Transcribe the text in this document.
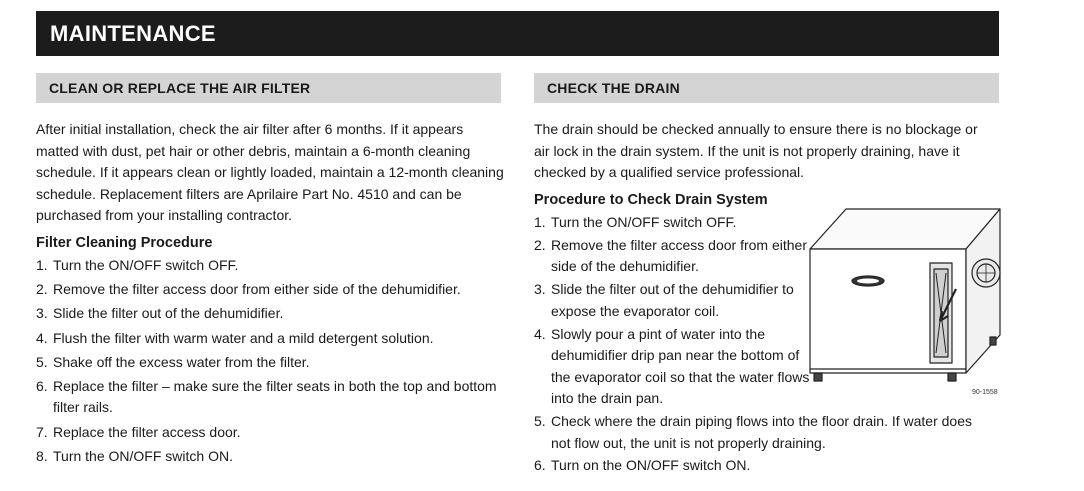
MAINTENANCE
CLEAN OR REPLACE THE AIR FILTER	CHECK THE DRAIN

After initial installation, check the air filter after 6 months. If it appears matted with dust, pet hair or other debris, maintain a 6-month cleaning schedule. If it appears clean or lightly loaded, maintain a 12-month cleaning schedule. Replacement filters are Aprilaire Part No. 4510 and can be purchased from your installing contractor.

Filter Cleaning Procedure
1. Turn the ON/OFF switch OFF.
2. Remove the filter access door from either side of the dehumidifier.
3. Slide the filter out of the dehumidifier.
4. Flush the filter with warm water and a mild detergent solution.
5. Shake off the excess water from the filter.
6. Replace the filter – make sure the filter seats in both the top and bottom filter rails.
7. Replace the filter access door.
8. Turn the ON/OFF switch ON.

The drain should be checked annually to ensure there is no blockage or air lock in the drain system. If the unit is not properly draining, have it checked by a qualified service professional.

Procedure to Check Drain System
1. Turn the ON/OFF switch OFF.
2. Remove the filter access door from either side of the dehumidifier.
3. Slide the filter out of the dehumidifier to expose the evaporator coil.
4. Slowly pour a pint of water into the dehumidifier drip pan near the bottom of the evaporator coil so that the water flows into the drain pan.
5. Check where the drain piping flows into the floor drain. If water does not flow out, the unit is not properly draining.
6. Turn on the ON/OFF switch ON.
90-1558
